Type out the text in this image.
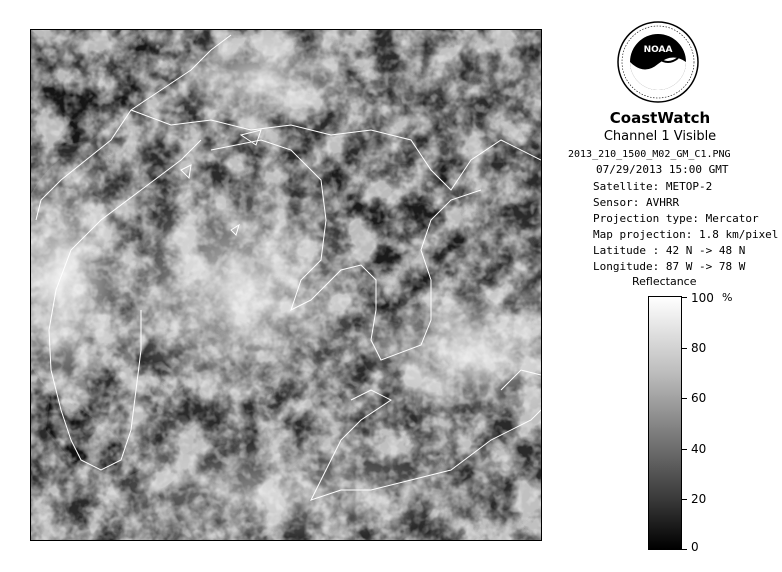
NOAA
CoastWatch
Channel 1 Visible
2013_210_1500_M02_GM_C1.PNG
07/29/2013 15:00 GMT
Satellite: METOP-2
Sensor: AVHRR
Projection type: Mercator
Map projection: 1.8 km/pixel
Latitude : 42 N -> 48 N
Longitude: 87 W -> 78 W
Reflectance
%
100
80
60
40
20
0
